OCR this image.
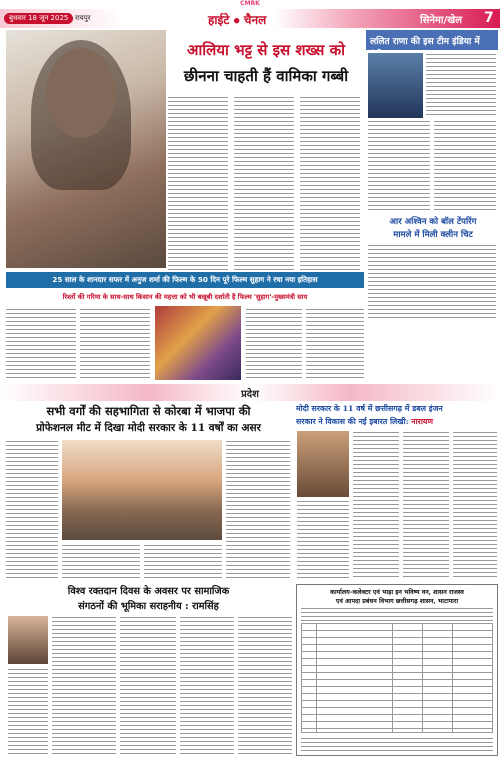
CMRK
बुधवार 18 जून 2025 रायपुर	हाईटे ● चैनल	सिनेमा/खेल 7
आलिया भट्ट से इस शख्स को
छीनना चाहती हैं वामिका गब्बी
ललित राणा की इस टीम इंडिया में
आर अश्विन को बॉल टेंपरिंग
मामले में मिली क्लीन चिट
25 साल के शानदार सफर में अनुज शर्मा की फिल्म के 50 दिन पूरे फिल्म सुहाग ने रचा नया इतिहास
रिश्तों की गरिमा के साथ-साथ किसान की महत्ता को भी बखूबी दर्शाती है फिल्म 'सुहाग'-मुख्यमंत्री साय
प्रदेश
सभी वर्गों की सहभागिता से कोरबा में भाजपा की
प्रोफेशनल मीट में दिखा मोदी सरकार के 11 वर्षों का असर
मोदी सरकार के 11 वर्ष में छत्तीसगढ़ में डबल इंजन
सरकार ने विकास की नई इबारत लिखी: नारायण
विश्व रक्तदान दिवस के अवसर पर सामाजिक
संगठनों की भूमिका सराहनीय : रामसिंह
कार्यालय-कलेक्टर एवं भाड़ा इन भविष्य वन, शासन राजस्व
एवं आपदा प्रबंधन विभाग छत्तीसगढ़ शासन, भाटापारा
